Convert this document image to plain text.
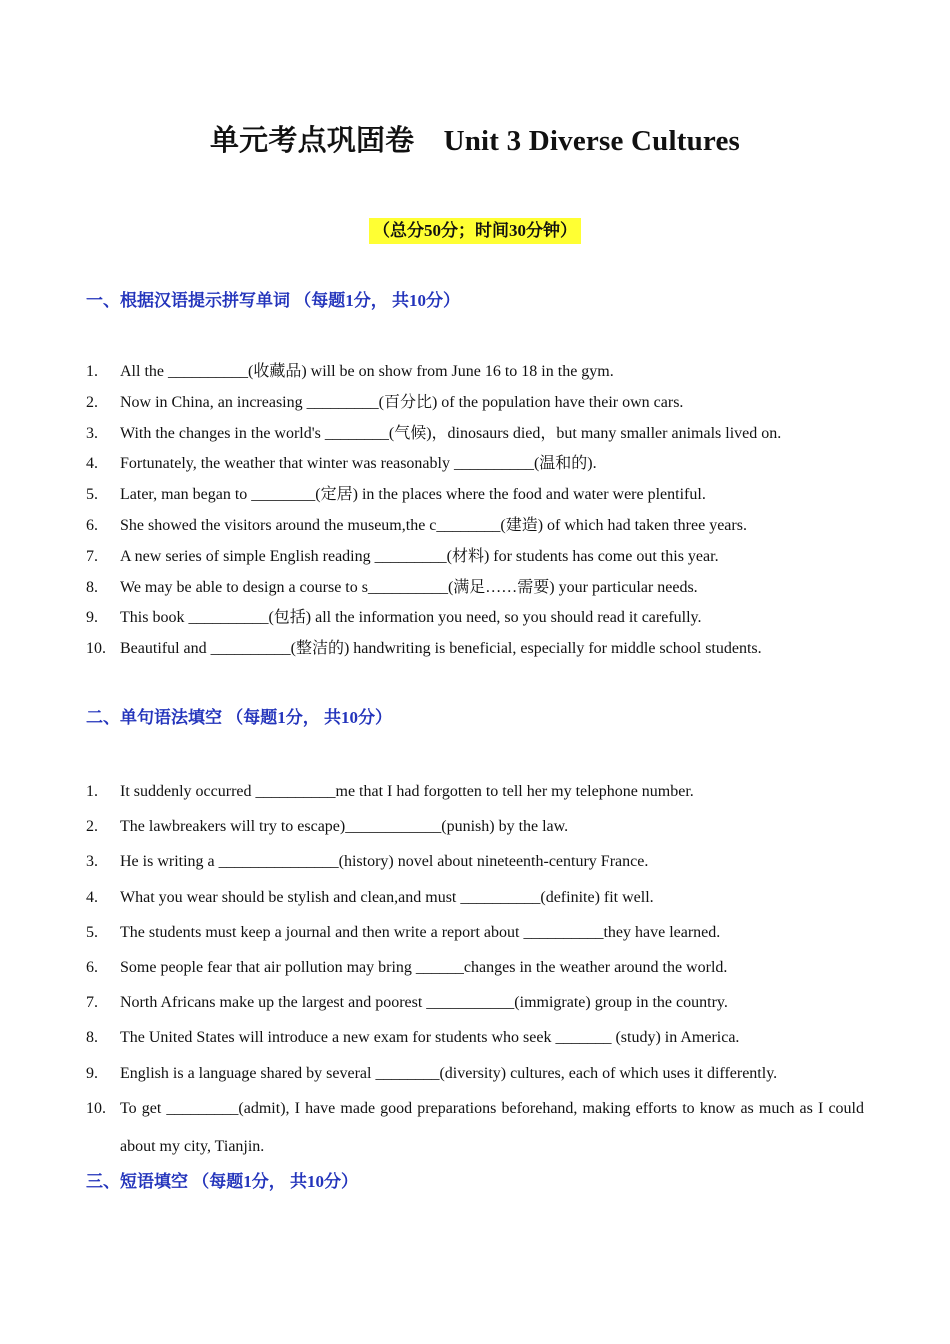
单元考点巩固卷　Unit 3 Diverse Cultures
（总分50分；时间30分钟）
一、根据汉语提示拼写单词 （每题1分， 共10分）
1. All the __________(收藏品) will be on show from June 16 to 18 in the gym.
2. Now in China, an increasing _________(百分比) of the population have their own cars.
3. With the changes in the world's ________(气候)，dinosaurs died，but many smaller animals lived on.
4. Fortunately, the weather that winter was reasonably __________(温和的).
5. Later, man began to ________(定居) in the places where the food and water were plentiful.
6. She showed the visitors around the museum,the c________(建造) of which had taken three years.
7. A new series of simple English reading _________(材料) for students has come out this year.
8. We may be able to design a course to s__________(满足……需要) your particular needs.
9. This book __________(包括) all the information you need, so you should read it carefully.
10. Beautiful and __________(整洁的) handwriting is beneficial, especially for middle school students.
二、单句语法填空 （每题1分， 共10分）
1. It suddenly occurred __________me that I had forgotten to tell her my telephone number.
2. The lawbreakers will try to escape)____________(punish) by the law.
3. He is writing a _______________(history) novel about nineteenth-century France.
4. What you wear should be stylish and clean,and must __________(definite) fit well.
5. The students must keep a journal and then write a report about __________they have learned.
6. Some people fear that air pollution may bring ______changes in the weather around the world.
7. North Africans make up the largest and poorest ___________(immigrate) group in the country.
8. The United States will introduce a new exam for students who seek _______ (study) in America.
9. English is a language shared by several ________(diversity) cultures, each of which uses it differently.
10. To get _________(admit), I have made good preparations beforehand, making efforts to know as much as I could about my city, Tianjin.
三、短语填空 （每题1分， 共10分）
